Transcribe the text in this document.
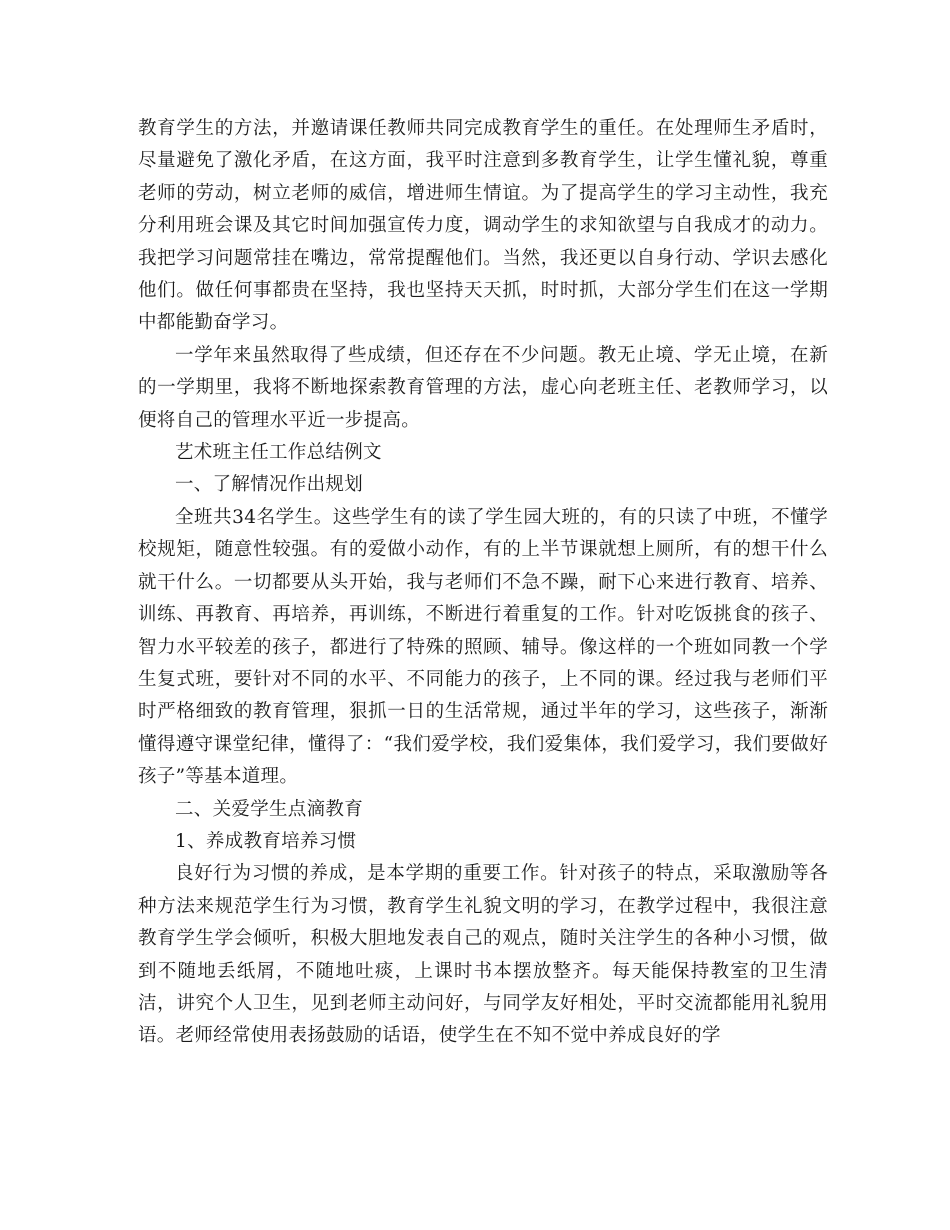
教育学生的方法，并邀请课任教师共同完成教育学生的重任。在处理师生矛盾时，尽量避免了激化矛盾，在这方面，我平时注意到多教育学生，让学生懂礼貌，尊重老师的劳动，树立老师的威信，增进师生情谊。为了提高学生的学习主动性，我充分利用班会课及其它时间加强宣传力度，调动学生的求知欲望与自我成才的动力。我把学习问题常挂在嘴边，常常提醒他们。当然，我还更以自身行动、学识去感化他们。做任何事都贵在坚持，我也坚持天天抓，时时抓，大部分学生们在这一学期中都能勤奋学习。

一学年来虽然取得了些成绩，但还存在不少问题。教无止境、学无止境，在新的一学期里，我将不断地探索教育管理的方法，虚心向老班主任、老教师学习，以便将自己的管理水平近一步提高。

艺术班主任工作总结例文

一、了解情况作出规划

全班共34名学生。这些学生有的读了学生园大班的，有的只读了中班，不懂学校规矩，随意性较强。有的爱做小动作，有的上半节课就想上厕所，有的想干什么就干什么。一切都要从头开始，我与老师们不急不躁，耐下心来进行教育、培养、训练、再教育、再培养，再训练，不断进行着重复的工作。针对吃饭挑食的孩子、智力水平较差的孩子，都进行了特殊的照顾、辅导。像这样的一个班如同教一个学生复式班，要针对不同的水平、不同能力的孩子，上不同的课。经过我与老师们平时严格细致的教育管理，狠抓一日的生活常规，通过半年的学习，这些孩子，渐渐懂得遵守课堂纪律，懂得了：“我们爱学校，我们爱集体，我们爱学习，我们要做好孩子”等基本道理。

二、关爱学生点滴教育

1、养成教育培养习惯

良好行为习惯的养成，是本学期的重要工作。针对孩子的特点，采取激励等各种方法来规范学生行为习惯，教育学生礼貌文明的学习，在教学过程中，我很注意教育学生学会倾听，积极大胆地发表自己的观点，随时关注学生的各种小习惯，做到不随地丢纸屑，不随地吐痰，上课时书本摆放整齐。每天能保持教室的卫生清洁，讲究个人卫生，见到老师主动问好，与同学友好相处，平时交流都能用礼貌用语。老师经常使用表扬鼓励的话语，使学生在不知不觉中养成良好的学
